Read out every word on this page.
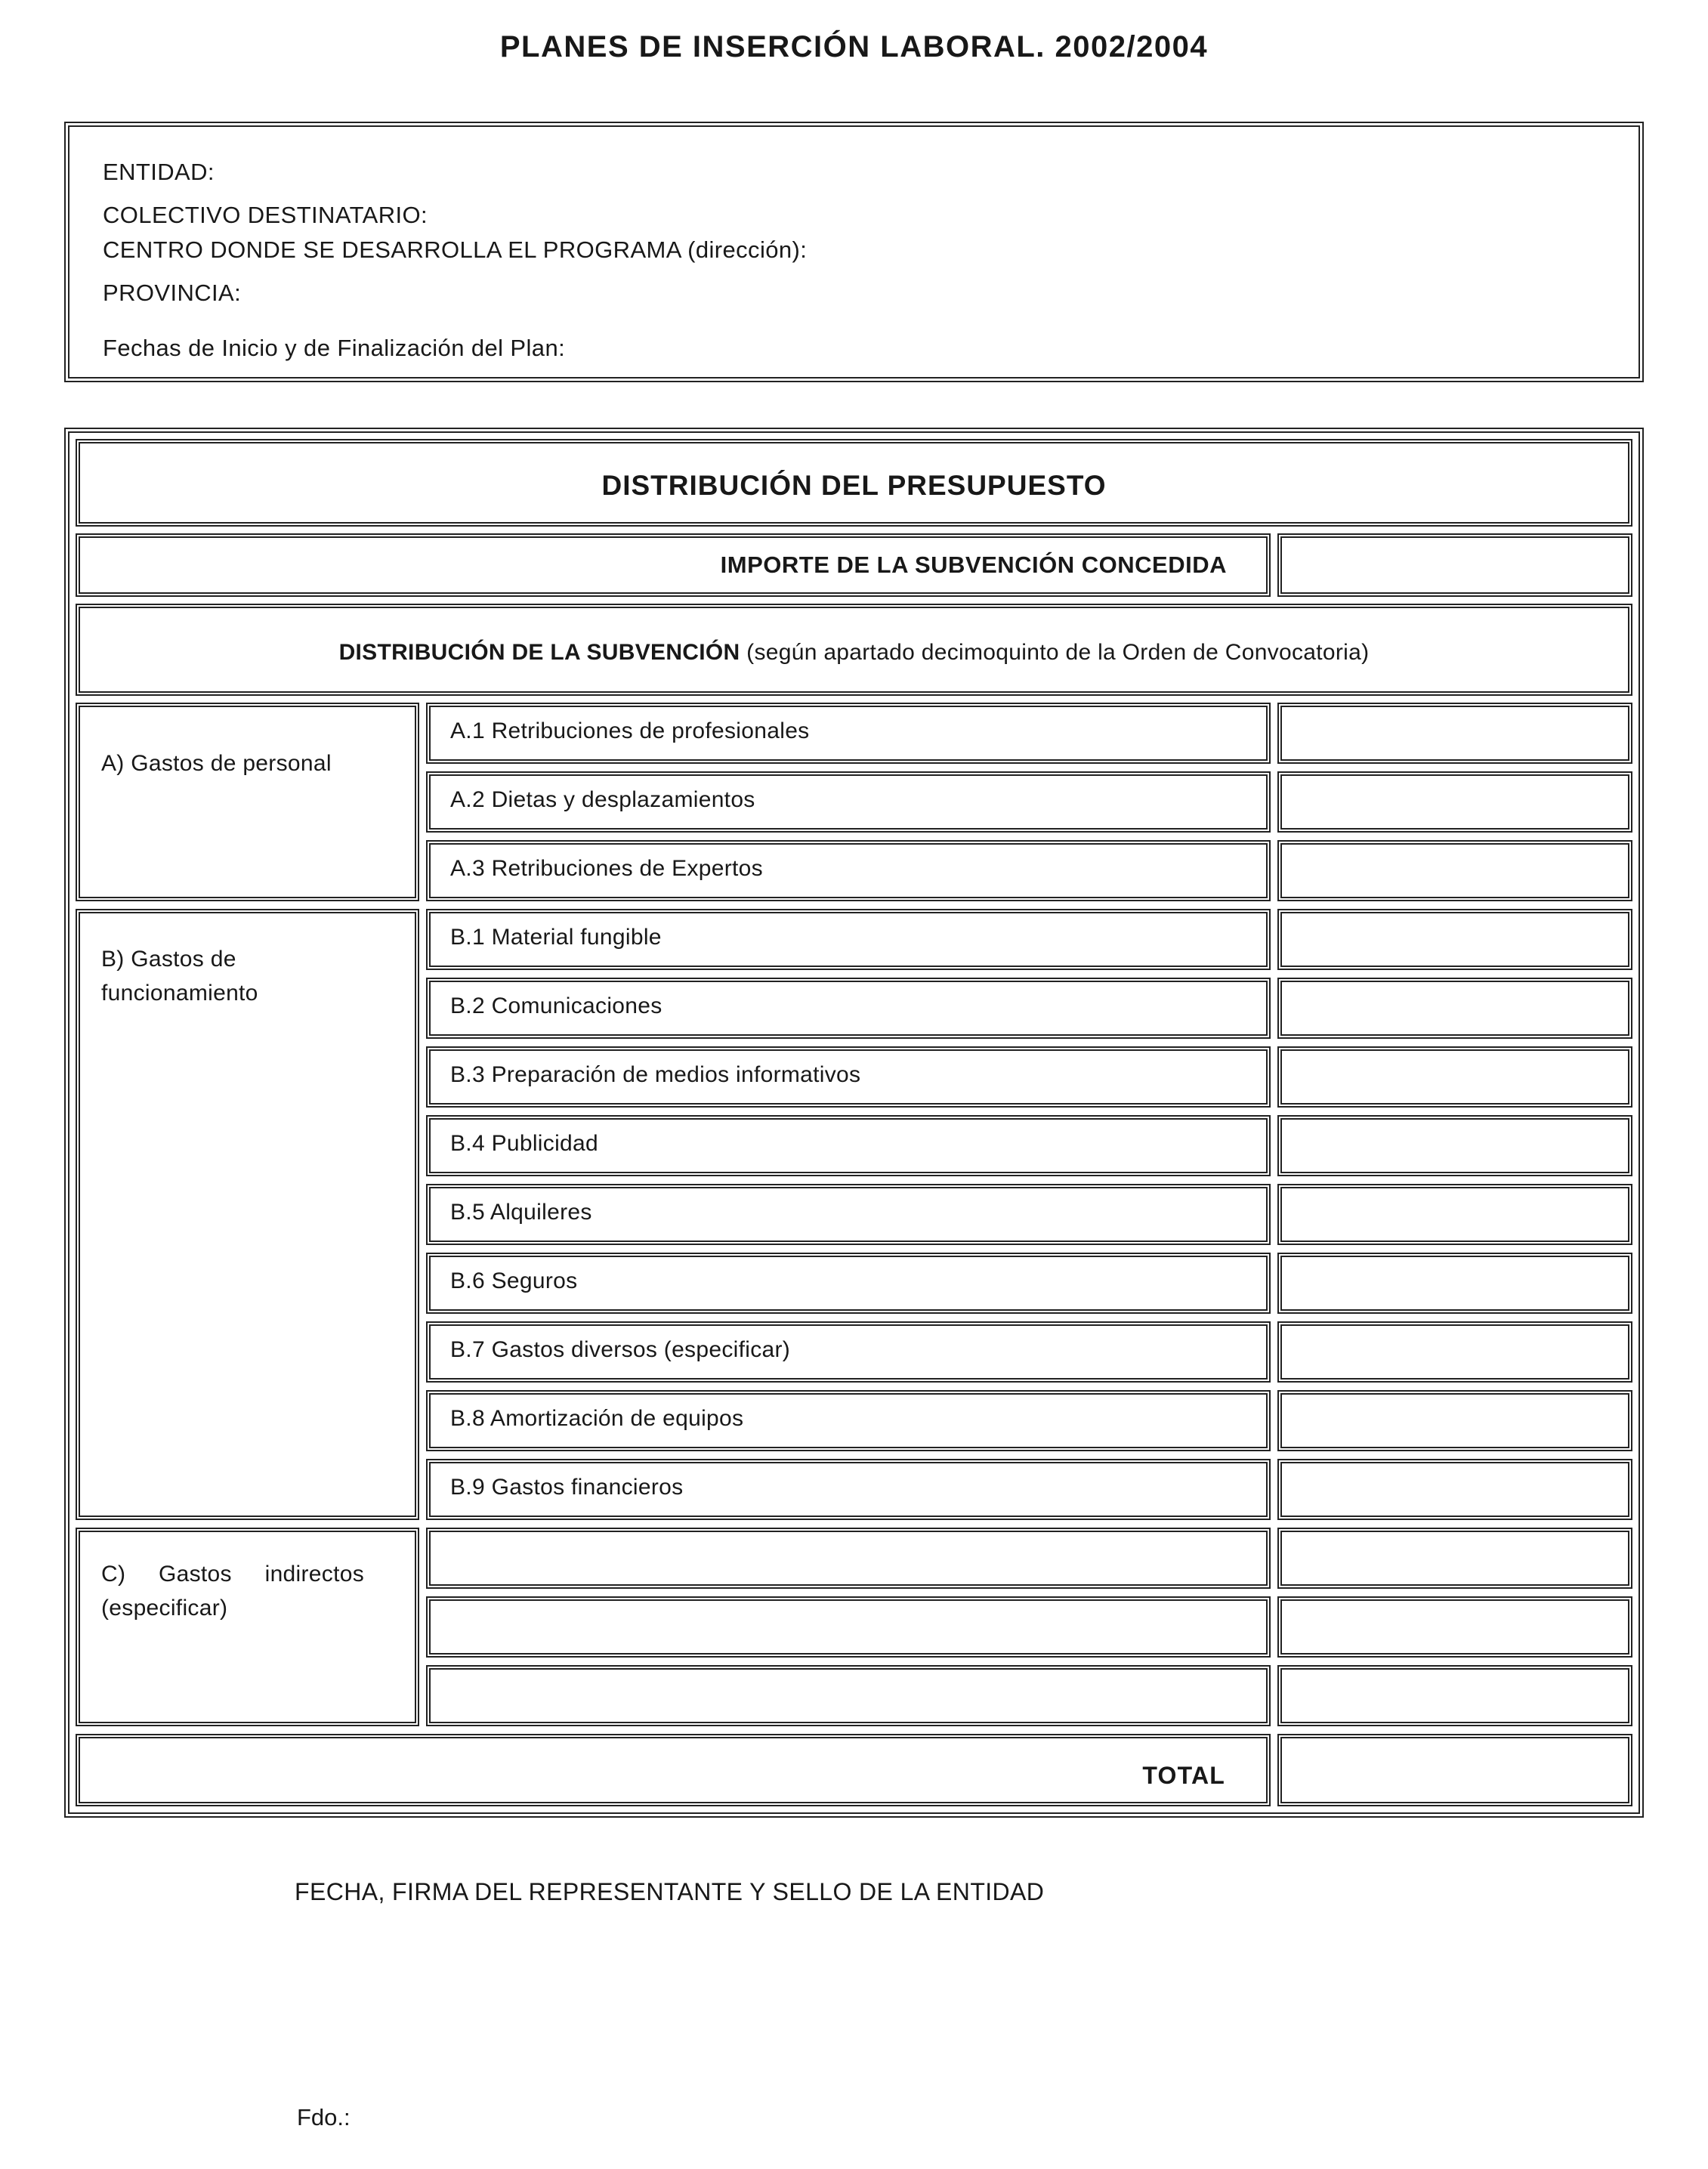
PLANES DE INSERCIÓN LABORAL. 2002/2004
ENTIDAD:
COLECTIVO DESTINATARIO:
CENTRO DONDE SE DESARROLLA EL PROGRAMA (dirección):
PROVINCIA:
Fechas de Inicio y de Finalización del Plan:
DISTRIBUCIÓN DEL PRESUPUESTO
IMPORTE DE LA SUBVENCIÓN CONCEDIDA
DISTRIBUCIÓN DE LA SUBVENCIÓN (según apartado decimoquinto de la Orden de Convocatoria)
A) Gastos de personal
B) Gastos de funcionamiento
C) Gastos indirectos (especificar)
A.1 Retribuciones de profesionales
A.2 Dietas y desplazamientos
A.3 Retribuciones de Expertos
B.1 Material fungible
B.2 Comunicaciones
B.3 Preparación de medios informativos
B.4 Publicidad
B.5 Alquileres
B.6 Seguros
B.7 Gastos diversos (especificar)
B.8 Amortización de equipos
B.9 Gastos financieros
TOTAL
FECHA, FIRMA DEL REPRESENTANTE Y SELLO DE LA ENTIDAD
Fdo.:
